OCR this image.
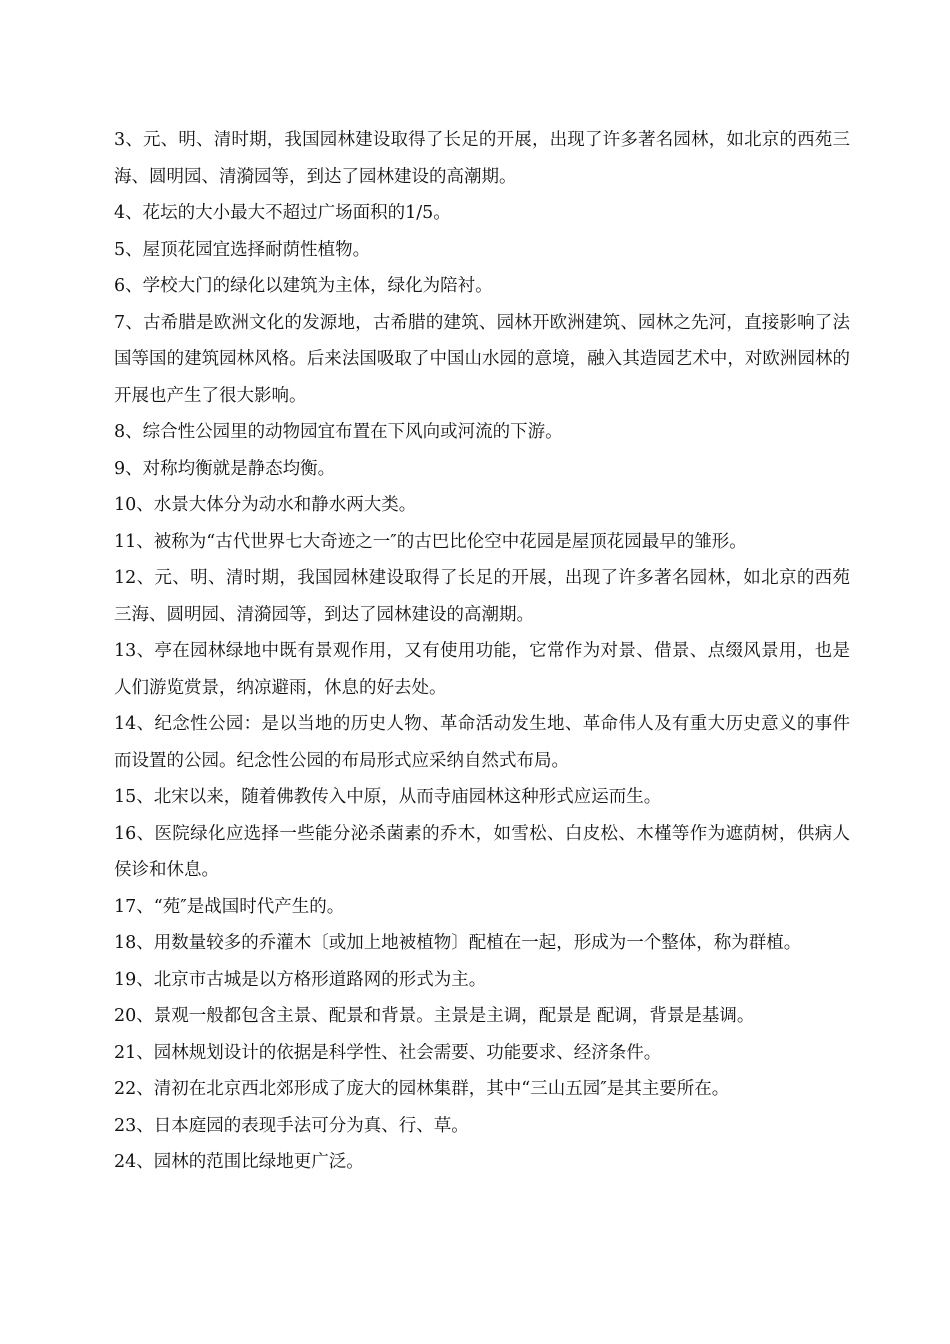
3、元、明、清时期，我国园林建设取得了长足的开展，出现了许多著名园林，如北京的西苑三海、圆明园、清漪园等，到达了园林建设的高潮期。

4、花坛的大小最大不超过广场面积的1/5。

5、屋顶花园宜选择耐荫性植物。

6、学校大门的绿化以建筑为主体，绿化为陪衬。

7、古希腊是欧洲文化的发源地，古希腊的建筑、园林开欧洲建筑、园林之先河，直接影响了法国等国的建筑园林风格。后来法国吸取了中国山水园的意境，融入其造园艺术中，对欧洲园林的开展也产生了很大影响。

8、综合性公园里的动物园宜布置在下风向或河流的下游。

9、对称均衡就是静态均衡。

10、水景大体分为动水和静水两大类。

11、被称为“古代世界七大奇迹之一″的古巴比伦空中花园是屋顶花园最早的雏形。

12、元、明、清时期，我国园林建设取得了长足的开展，出现了许多著名园林，如北京的西苑三海、圆明园、清漪园等，到达了园林建设的高潮期。

13、亭在园林绿地中既有景观作用，又有使用功能，它常作为对景、借景、点缀风景用，也是人们游览赏景，纳凉避雨，休息的好去处。

14、纪念性公园：是以当地的历史人物、革命活动发生地、革命伟人及有重大历史意义的事件而设置的公园。纪念性公园的布局形式应采纳自然式布局。

15、北宋以来，随着佛教传入中原，从而寺庙园林这种形式应运而生。

16、医院绿化应选择一些能分泌杀菌素的乔木，如雪松、白皮松、木槿等作为遮荫树，供病人侯诊和休息。

17、“苑″是战国时代产生的。

18、用数量较多的乔灌木〔或加上地被植物〕配植在一起，形成为一个整体，称为群植。

19、北京市古城是以方格形道路网的形式为主。

20、景观一般都包含主景、配景和背景。主景是主调，配景是 配调，背景是基调。

21、园林规划设计的依据是科学性、社会需要、功能要求、经济条件。

22、清初在北京西北郊形成了庞大的园林集群，其中“三山五园″是其主要所在。

23、日本庭园的表现手法可分为真、行、草。

24、园林的范围比绿地更广泛。
